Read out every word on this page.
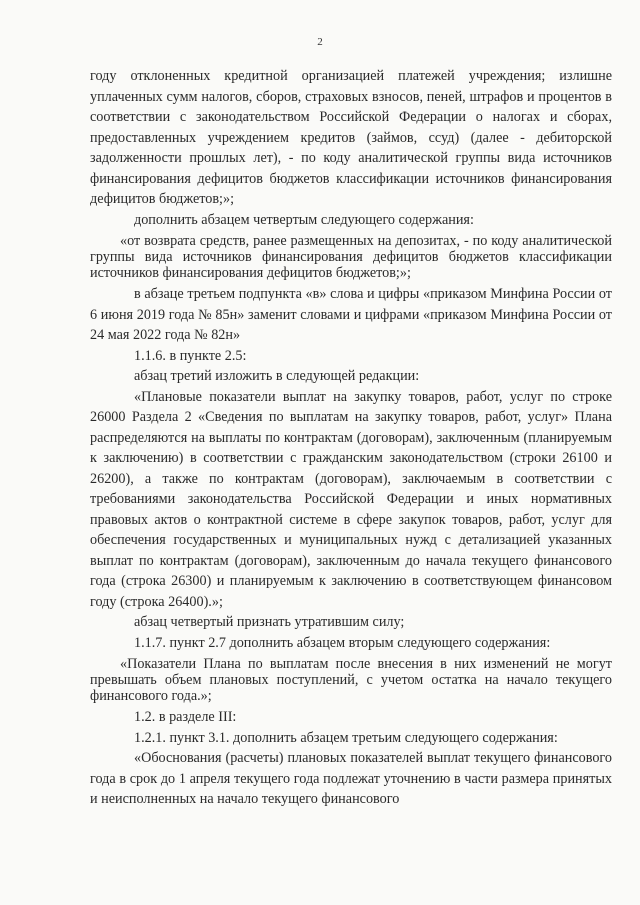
2

году отклоненных кредитной организацией платежей учреждения; излишне уплаченных сумм налогов, сборов, страховых взносов, пеней, штрафов и процентов в соответствии с законодательством Российской Федерации о налогах и сборах, предоставленных учреждением кредитов (займов, ссуд) (далее - дебиторской задолженности прошлых лет), - по коду аналитической группы вида источников финансирования дефицитов бюджетов классификации источников финансирования дефицитов бюджетов;»;

дополнить абзацем четвертым следующего содержания:

«от возврата средств, ранее размещенных на депозитах, - по коду аналитической группы вида источников финансирования дефицитов бюджетов классификации источников финансирования дефицитов бюджетов;»;

в абзаце третьем подпункта «в» слова и цифры «приказом Минфина России от 6 июня 2019 года № 85н» заменит словами и цифрами «приказом Минфина России от 24 мая 2022 года № 82н»

1.1.6. в пункте 2.5:

абзац третий изложить в следующей редакции:

«Плановые показатели выплат на закупку товаров, работ, услуг по строке 26000 Раздела 2 «Сведения по выплатам на закупку товаров, работ, услуг» Плана распределяются на выплаты по контрактам (договорам), заключенным (планируемым к заключению) в соответствии с гражданским законодательством (строки 26100 и 26200), а также по контрактам (договорам), заключаемым в соответствии с требованиями законодательства Российской Федерации и иных нормативных правовых актов о контрактной системе в сфере закупок товаров, работ, услуг для обеспечения государственных и муниципальных нужд с детализацией указанных выплат по контрактам (договорам), заключенным до начала текущего финансового года (строка 26300) и планируемым к заключению в соответствующем финансовом году (строка 26400).»;

абзац четвертый признать утратившим силу;

1.1.7. пункт 2.7 дополнить абзацем вторым следующего содержания:

«Показатели Плана по выплатам после внесения в них изменений не могут превышать объем плановых поступлений, с учетом остатка на начало текущего финансового года.»;

1.2. в разделе III:

1.2.1. пункт 3.1. дополнить абзацем третьим следующего содержания:

«Обоснования (расчеты) плановых показателей выплат текущего финансового года в срок до 1 апреля текущего года подлежат уточнению в части размера принятых и неисполненных на начало текущего финансового
